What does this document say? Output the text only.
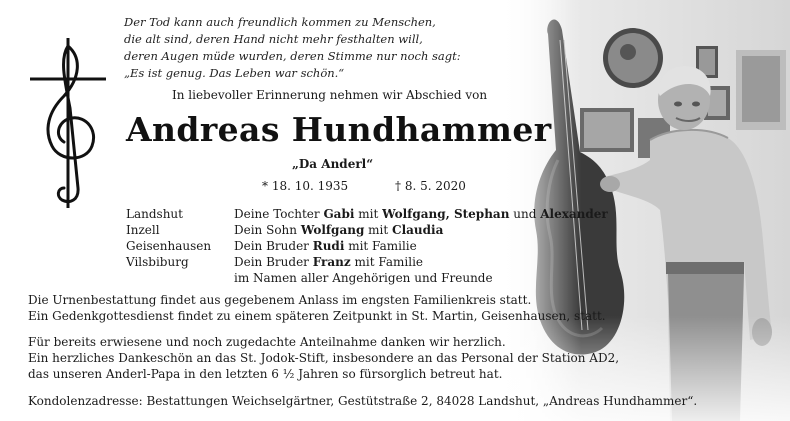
Der Tod kann auch freundlich kommen zu Menschen,
die alt sind, deren Hand nicht mehr festhalten will,
deren Augen müde wurden, deren Stimme nur noch sagt:
„Es ist genug. Das Leben war schön.“
In liebevoller Erinnerung nehmen wir Abschied von
Andreas Hundhammer
„Da Anderl“
* 18. 10. 1935	† 8. 5. 2020
Landshut
Inzell
Geisenhausen
Vilsbiburg
Deine Tochter Gabi mit Wolfgang, Stephan und Alexander
Dein Sohn Wolfgang mit Claudia
Dein Bruder Rudi mit Familie
Dein Bruder Franz mit Familie
im Namen aller Angehörigen und Freunde
Die Urnenbestattung findet aus gegebenem Anlass im engsten Familienkreis statt.
Ein Gedenkgottesdienst findet zu einem späteren Zeitpunkt in St. Martin, Geisenhausen, statt.
Für bereits erwiesene und noch zugedachte Anteilnahme danken wir herzlich.
Ein herzliches Dankeschön an das St. Jodok-Stift, insbesondere an das Personal der Station AD2,
das unseren Anderl-Papa in den letzten 6 ½ Jahren so fürsorglich betreut hat.
Kondolenzadresse: Bestattungen Weichselgärtner, Gestütstraße 2, 84028 Landshut, „Andreas Hundhammer“.
